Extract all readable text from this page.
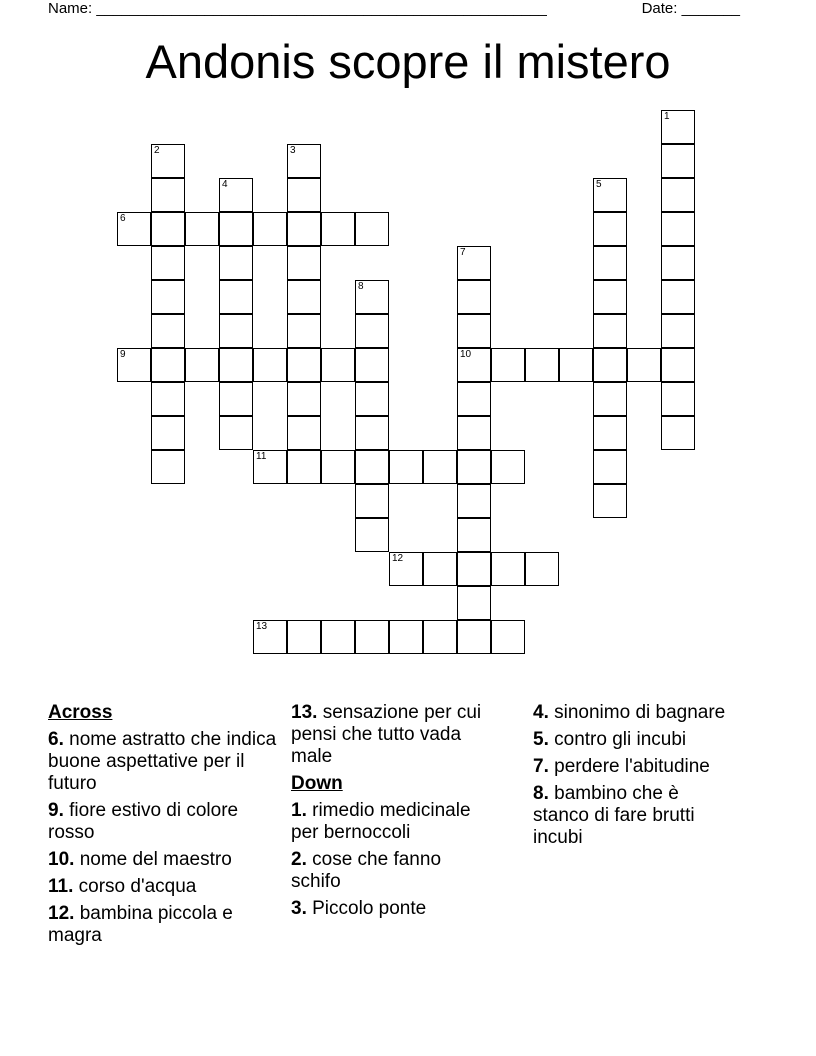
Name: ______________________________________________________	Date: _______
Andonis scopre il mistero
1
2	3
4	5
6
7
10
8
9
11
12
13
Across
6. nome astratto che indica buone aspettative per il futuro
9. fiore estivo di colore rosso
10. nome del maestro
11. corso d'acqua
12. bambina piccola e magra
13. sensazione per cui pensi che tutto vada male
Down
1. rimedio medicinale per bernoccoli
2. cose che fanno schifo
3. Piccolo ponte
4. sinonimo di bagnare
5. contro gli incubi
7. perdere l'abitudine
8. bambino che è stanco di fare brutti incubi
